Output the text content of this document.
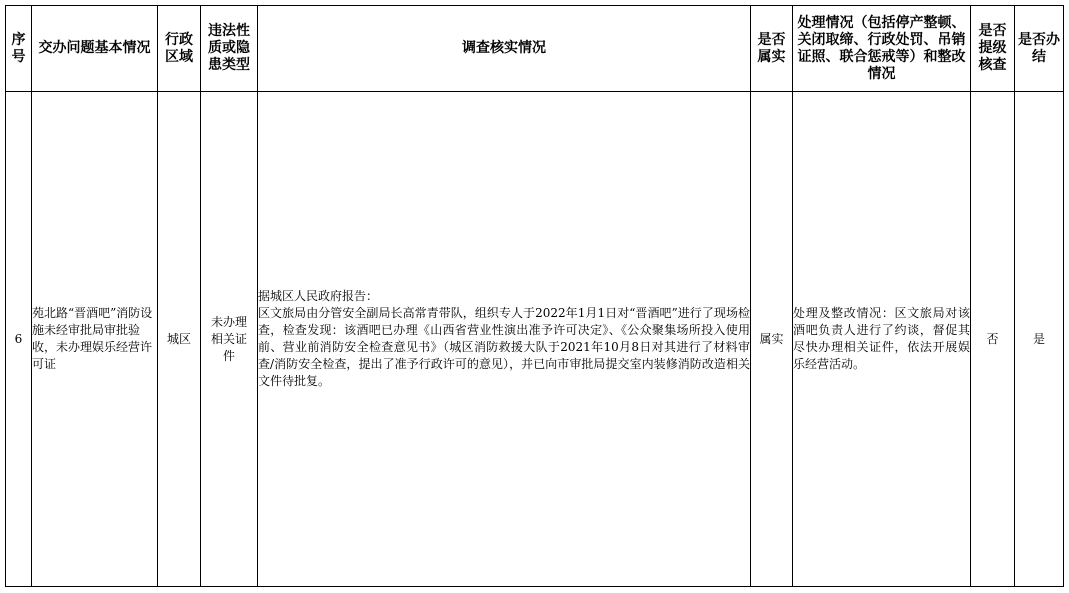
序号	交办问题基本情况	行政区域	违法性质或隐患类型	调查核实情况	是否属实	处理情况（包括停产整顿、关闭取缔、行政处罚、吊销证照、联合惩戒等）和整改情况	是否提级核查	是否办结
6	苑北路“晋酒吧”消防设施未经审批局审批验收，未办理娱乐经营许可证	城区	未办理相关证件	据城区人民政府报告：
区文旅局由分管安全副局长高常青带队，组织专人于2022年1月1日对“晋酒吧”进行了现场检查，检查发现：该酒吧已办理《山西省营业性演出准予许可决定》、《公众聚集场所投入使用前、营业前消防安全检查意见书》（城区消防救援大队于2021年10月8日对其进行了材料审查/消防安全检查，提出了准予行政许可的意见），并已向市审批局提交室内装修消防改造相关文件待批复。	属实	处理及整改情况：区文旅局对该酒吧负责人进行了约谈，督促其尽快办理相关证件，依法开展娱乐经营活动。	否	是
